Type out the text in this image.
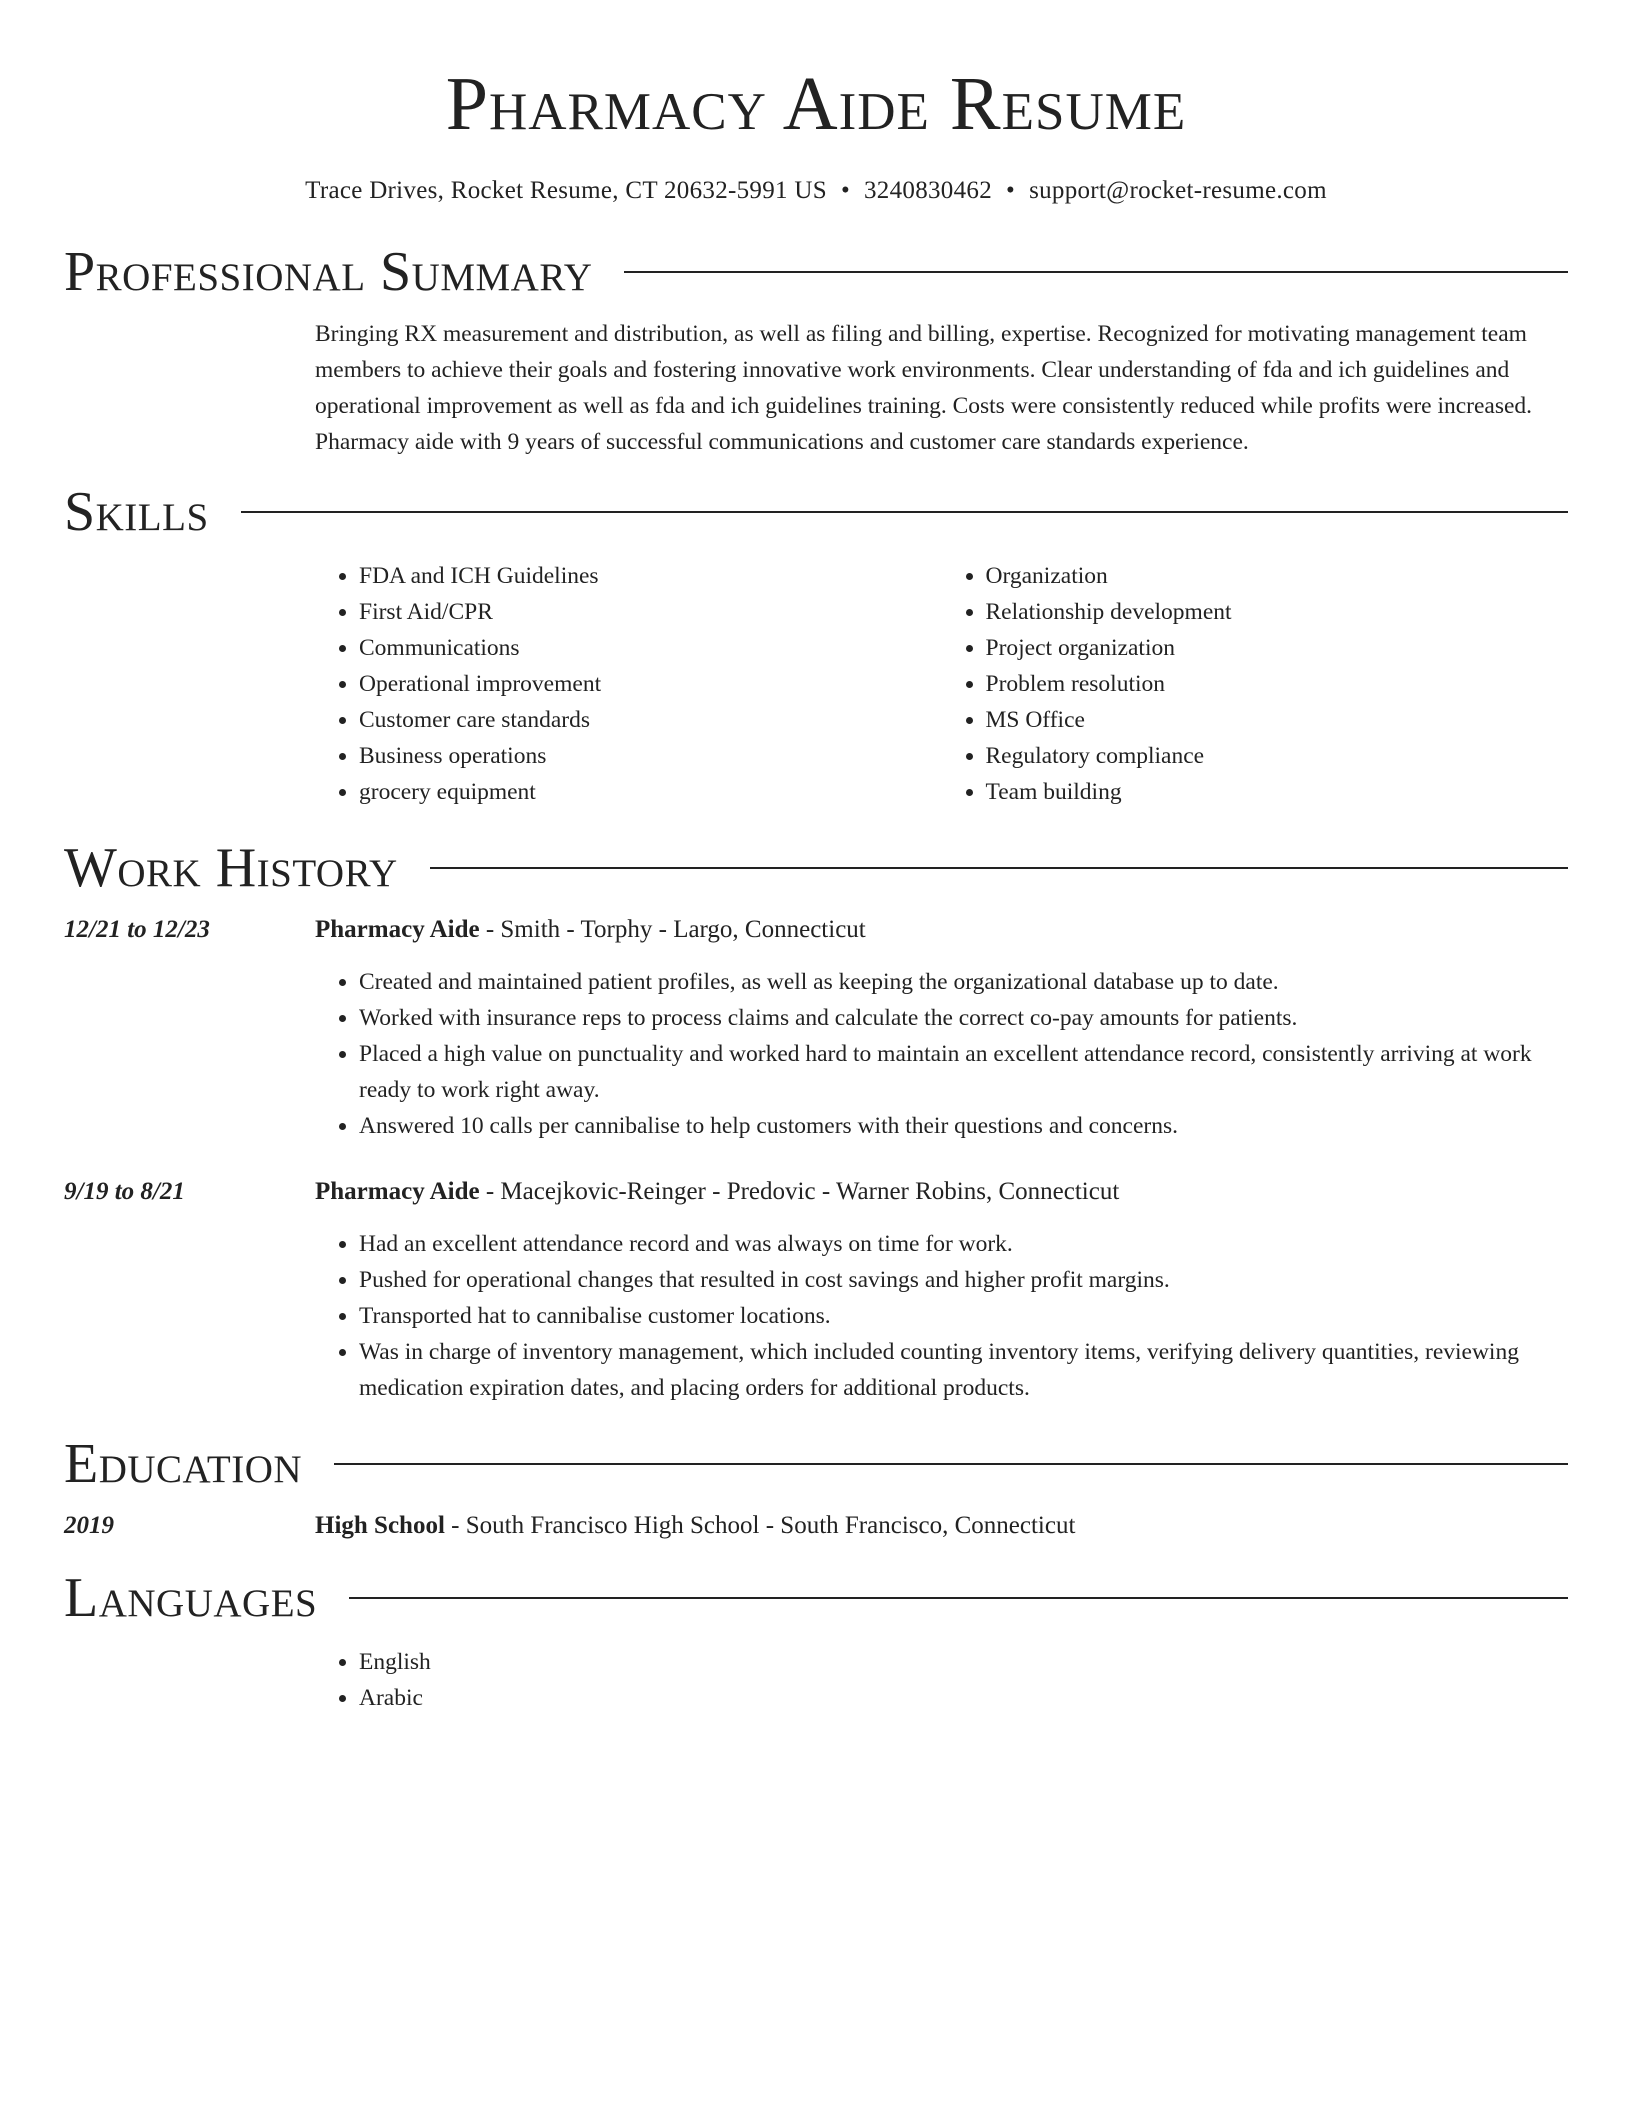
Pharmacy Aide Resume
Trace Drives, Rocket Resume, CT 20632-5991 US • 3240830462 • support@rocket-resume.com
Professional Summary
Bringing RX measurement and distribution, as well as filing and billing, expertise. Recognized for motivating management team members to achieve their goals and fostering innovative work environments. Clear understanding of fda and ich guidelines and operational improvement as well as fda and ich guidelines training. Costs were consistently reduced while profits were increased. Pharmacy aide with 9 years of successful communications and customer care standards experience.
Skills
• FDA and ICH Guidelines
• First Aid/CPR
• Communications
• Operational improvement
• Customer care standards
• Business operations
• grocery equipment
• Organization
• Relationship development
• Project organization
• Problem resolution
• MS Office
• Regulatory compliance
• Team building
Work History
12/21 to 12/23	Pharmacy Aide - Smith - Torphy - Largo, Connecticut
• Created and maintained patient profiles, as well as keeping the organizational database up to date.
• Worked with insurance reps to process claims and calculate the correct co-pay amounts for patients.
• Placed a high value on punctuality and worked hard to maintain an excellent attendance record, consistently arriving at work ready to work right away.
• Answered 10 calls per cannibalise to help customers with their questions and concerns.
9/19 to 8/21	Pharmacy Aide - Macejkovic-Reinger - Predovic - Warner Robins, Connecticut
• Had an excellent attendance record and was always on time for work.
• Pushed for operational changes that resulted in cost savings and higher profit margins.
• Transported hat to cannibalise customer locations.
• Was in charge of inventory management, which included counting inventory items, verifying delivery quantities, reviewing medication expiration dates, and placing orders for additional products.
Education
2019	High School - South Francisco High School - South Francisco, Connecticut
Languages
• English
• Arabic
